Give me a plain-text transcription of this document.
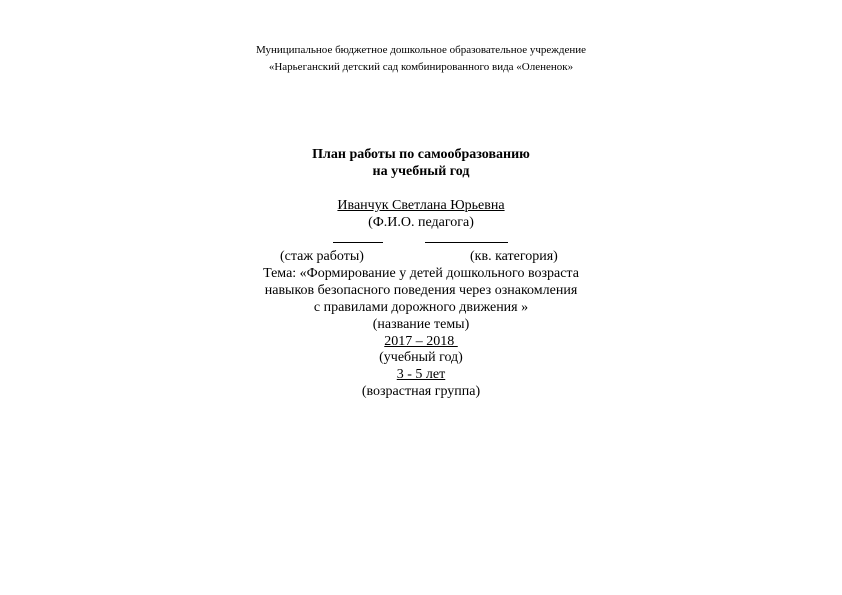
Муниципальное бюджетное дошкольное образовательное учреждение
«Нарьеганский детский сад комбинированного вида «Олененок»
План работы по самообразованию
на учебный год
Иванчук Светлана Юрьевна
(Ф.И.О. педагога)
(стаж работы)	(кв. категория)
Тема: «Формирование у детей дошкольного возраста
навыков безопасного поведения через ознакомления
с правилами дорожного движения »
(название темы)
2017 – 2018
(учебный год)
3 - 5 лет
(возрастная группа)
